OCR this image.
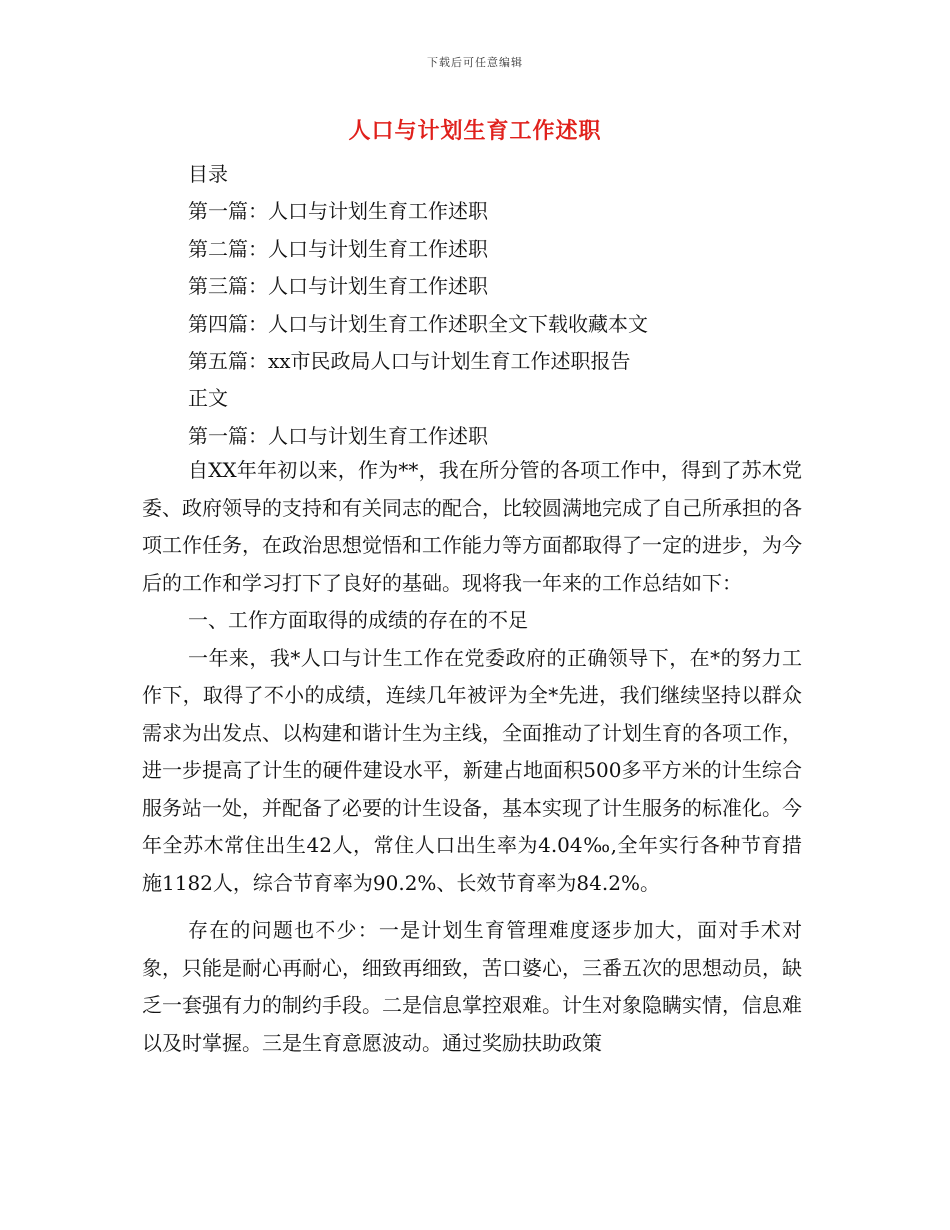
下载后可任意编辑
人口与计划生育工作述职
目录
第一篇：人口与计划生育工作述职
第二篇：人口与计划生育工作述职
第三篇：人口与计划生育工作述职
第四篇：人口与计划生育工作述职全文下载收藏本文
第五篇：xx市民政局人口与计划生育工作述职报告
正文
第一篇：人口与计划生育工作述职

自XX年年初以来，作为**，我在所分管的各项工作中，得到了苏木党委、政府领导的支持和有关同志的配合，比较圆满地完成了自己所承担的各项工作任务，在政治思想觉悟和工作能力等方面都取得了一定的进步，为今后的工作和学习打下了良好的基础。现将我一年来的工作总结如下：

一、工作方面取得的成绩的存在的不足

一年来，我*人口与计生工作在党委政府的正确领导下，在*的努力工作下，取得了不小的成绩，连续几年被评为全*先进，我们继续坚持以群众需求为出发点、以构建和谐计生为主线，全面推动了计划生育的各项工作，进一步提高了计生的硬件建设水平，新建占地面积500多平方米的计生综合服务站一处，并配备了必要的计生设备，基本实现了计生服务的标准化。今年全苏木常住出生42人，常住人口出生率为4.04‰,全年实行各种节育措施1182人，综合节育率为90.2%、长效节育率为84.2%。

存在的问题也不少：一是计划生育管理难度逐步加大，面对手术对象，只能是耐心再耐心，细致再细致，苦口婆心，三番五次的思想动员，缺乏一套强有力的制约手段。二是信息掌控艰难。计生对象隐瞒实情，信息难以及时掌握。三是生育意愿波动。通过奖励扶助政策
